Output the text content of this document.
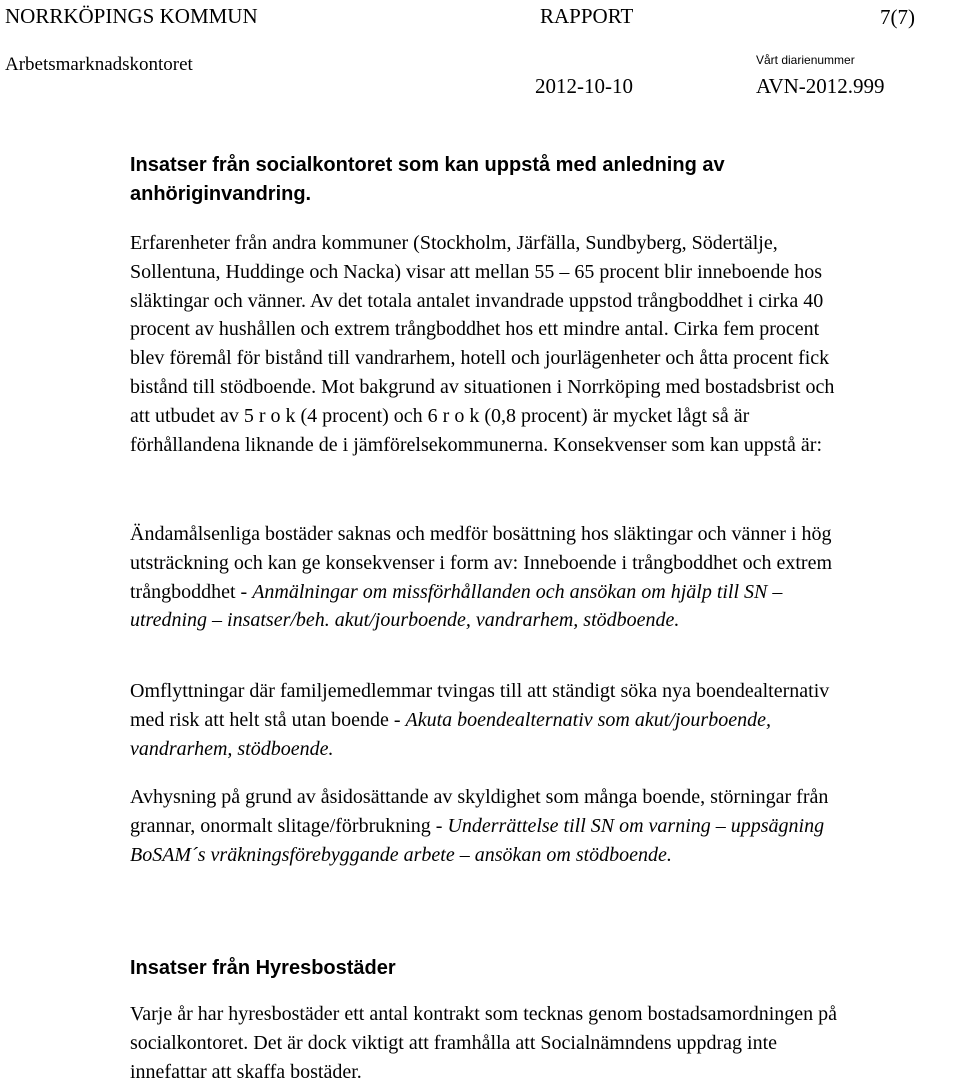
NORRKÖPINGS KOMMUN	RAPPORT	7(7)
Arbetsmarknadskontoret
2012-10-10
Vårt diarienummer
AVN-2012.999
Insatser från socialkontoret som kan uppstå med anledning av anhöriginvandring.

Erfarenheter från andra kommuner (Stockholm, Järfälla, Sundbyberg, Södertälje, Sollentuna, Huddinge och Nacka) visar att mellan 55 – 65 procent blir inneboende hos släktingar och vänner. Av det totala antalet invandrade uppstod trångboddhet i cirka 40 procent av hushållen och extrem trångboddhet hos ett mindre antal. Cirka fem procent blev föremål för bistånd till vandrarhem, hotell och jourlägenheter och åtta procent fick bistånd till stödboende. Mot bakgrund av situationen i Norrköping med bostadsbrist och att utbudet av 5 r o k (4 procent) och 6 r o k (0,8 procent) är mycket lågt så är förhållandena liknande de i jämförelsekommunerna. Konsekvenser som kan uppstå är:

Ändamålsenliga bostäder saknas och medför bosättning hos släktingar och vänner i hög utsträckning och kan ge konsekvenser i form av: Inneboende i trångboddhet och extrem trångboddhet - Anmälningar om missförhållanden och ansökan om hjälp till SN – utredning – insatser/beh. akut/jourboende, vandrarhem, stödboende.

Omflyttningar där familjemedlemmar tvingas till att ständigt söka nya boendealternativ med risk att helt stå utan boende - Akuta boendealternativ som akut/jourboende, vandrarhem, stödboende.

Avhysning på grund av åsidosättande av skyldighet som många boende, störningar från grannar, onormalt slitage/förbrukning - Underrättelse till SN om varning – uppsägning BoSAM´s vräkningsförebyggande arbete – ansökan om stödboende.

Insatser från Hyresbostäder

Varje år har hyresbostäder ett antal kontrakt som tecknas genom bostadsamordningen på socialkontoret. Det är dock viktigt att framhålla att Socialnämndens uppdrag inte innefattar att skaffa bostäder.
